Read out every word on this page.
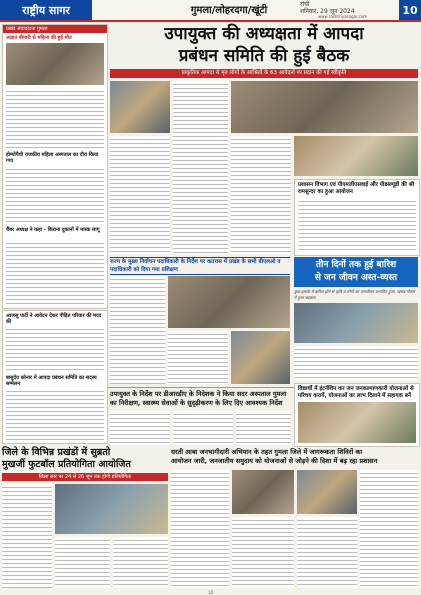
राष्ट्रीय सागर	गुमला/लोहरदगा/खूंटी
रांची
शनिवार, 29 जून 2024
www.rashtriyasagar.com	10
प्रखंड संवाददाता गुमला
अज्ञात बीमारी से महिला की हुई मौत
होम्योपैथी राजकीय महिला अस्पताल का दौरा किया गया
चैंबर अध्यक्ष ने कहा - किराना दुकानों में मास्क लागू
उपायुक्त की अध्यक्षता में आपदा
प्रबंधन समिति की हुई बैठक
प्राकृतिक आपदा से मृत लोगों के आश्रितों के 63 आवेदनों पर प्रदान की गई स्वीकृति
प्रशासन विभाग एवं पीएमजीएसवाई और पीडब्ल्यूडी की श्री रामसुन्दर का हुआ आयोजन
राज्य के मुख्य निर्वाचन पदाधिकारी के निर्देश पर कतरास में प्रखंड के सभी बीएलओ व पदाधिकारी को दिया गया प्रशिक्षण	तीन दिनों तक हुई बारिश
से जन जीवन अस्त-व्यस्त
कुछ इलाके में बारिश होने से कृषि व लोगों का जनजीवन प्रभावित हुआ, खराब मौसम में हुआ बदलाव
उपायुक्त के निर्देश पर डीआरडीए के निदेशक ने किया सदर अस्पताल गुमला
का निरीक्षण, स्वास्थ्य सेवाओं के सुदृढ़ीकरण के लिए दिए आवश्यक निर्देश
आजसू पार्टी ने आवेदन देकर पीड़ित परिवार की मदद की
बासुदेव कोनार में आपदा प्रबंधन समिति का सदस्य सम्मेलन
विद्यार्थी में इंटर्नशिप कर जन जनकल्याणकारी योजनाओं से परिचय करायें, योजनाओं का लाभ दिलाने में सहायक बनें
जिले के विभिन्न प्रखंडों में सुब्रतो
मुखर्जी फुटबॉल प्रतियोगिता आयोजित
जिला स्तर पर 24 से 26 जून तक होगी प्रतियोगिता
धरती आबा जनभागीदारी अभियान के तहत गुमला जिले में जागरूकता शिविरों का
आयोजन जारी, जनजातीय समुदाय को योजनाओं से जोड़ने की दिशा में बढ़ रहा प्रशासन
10
